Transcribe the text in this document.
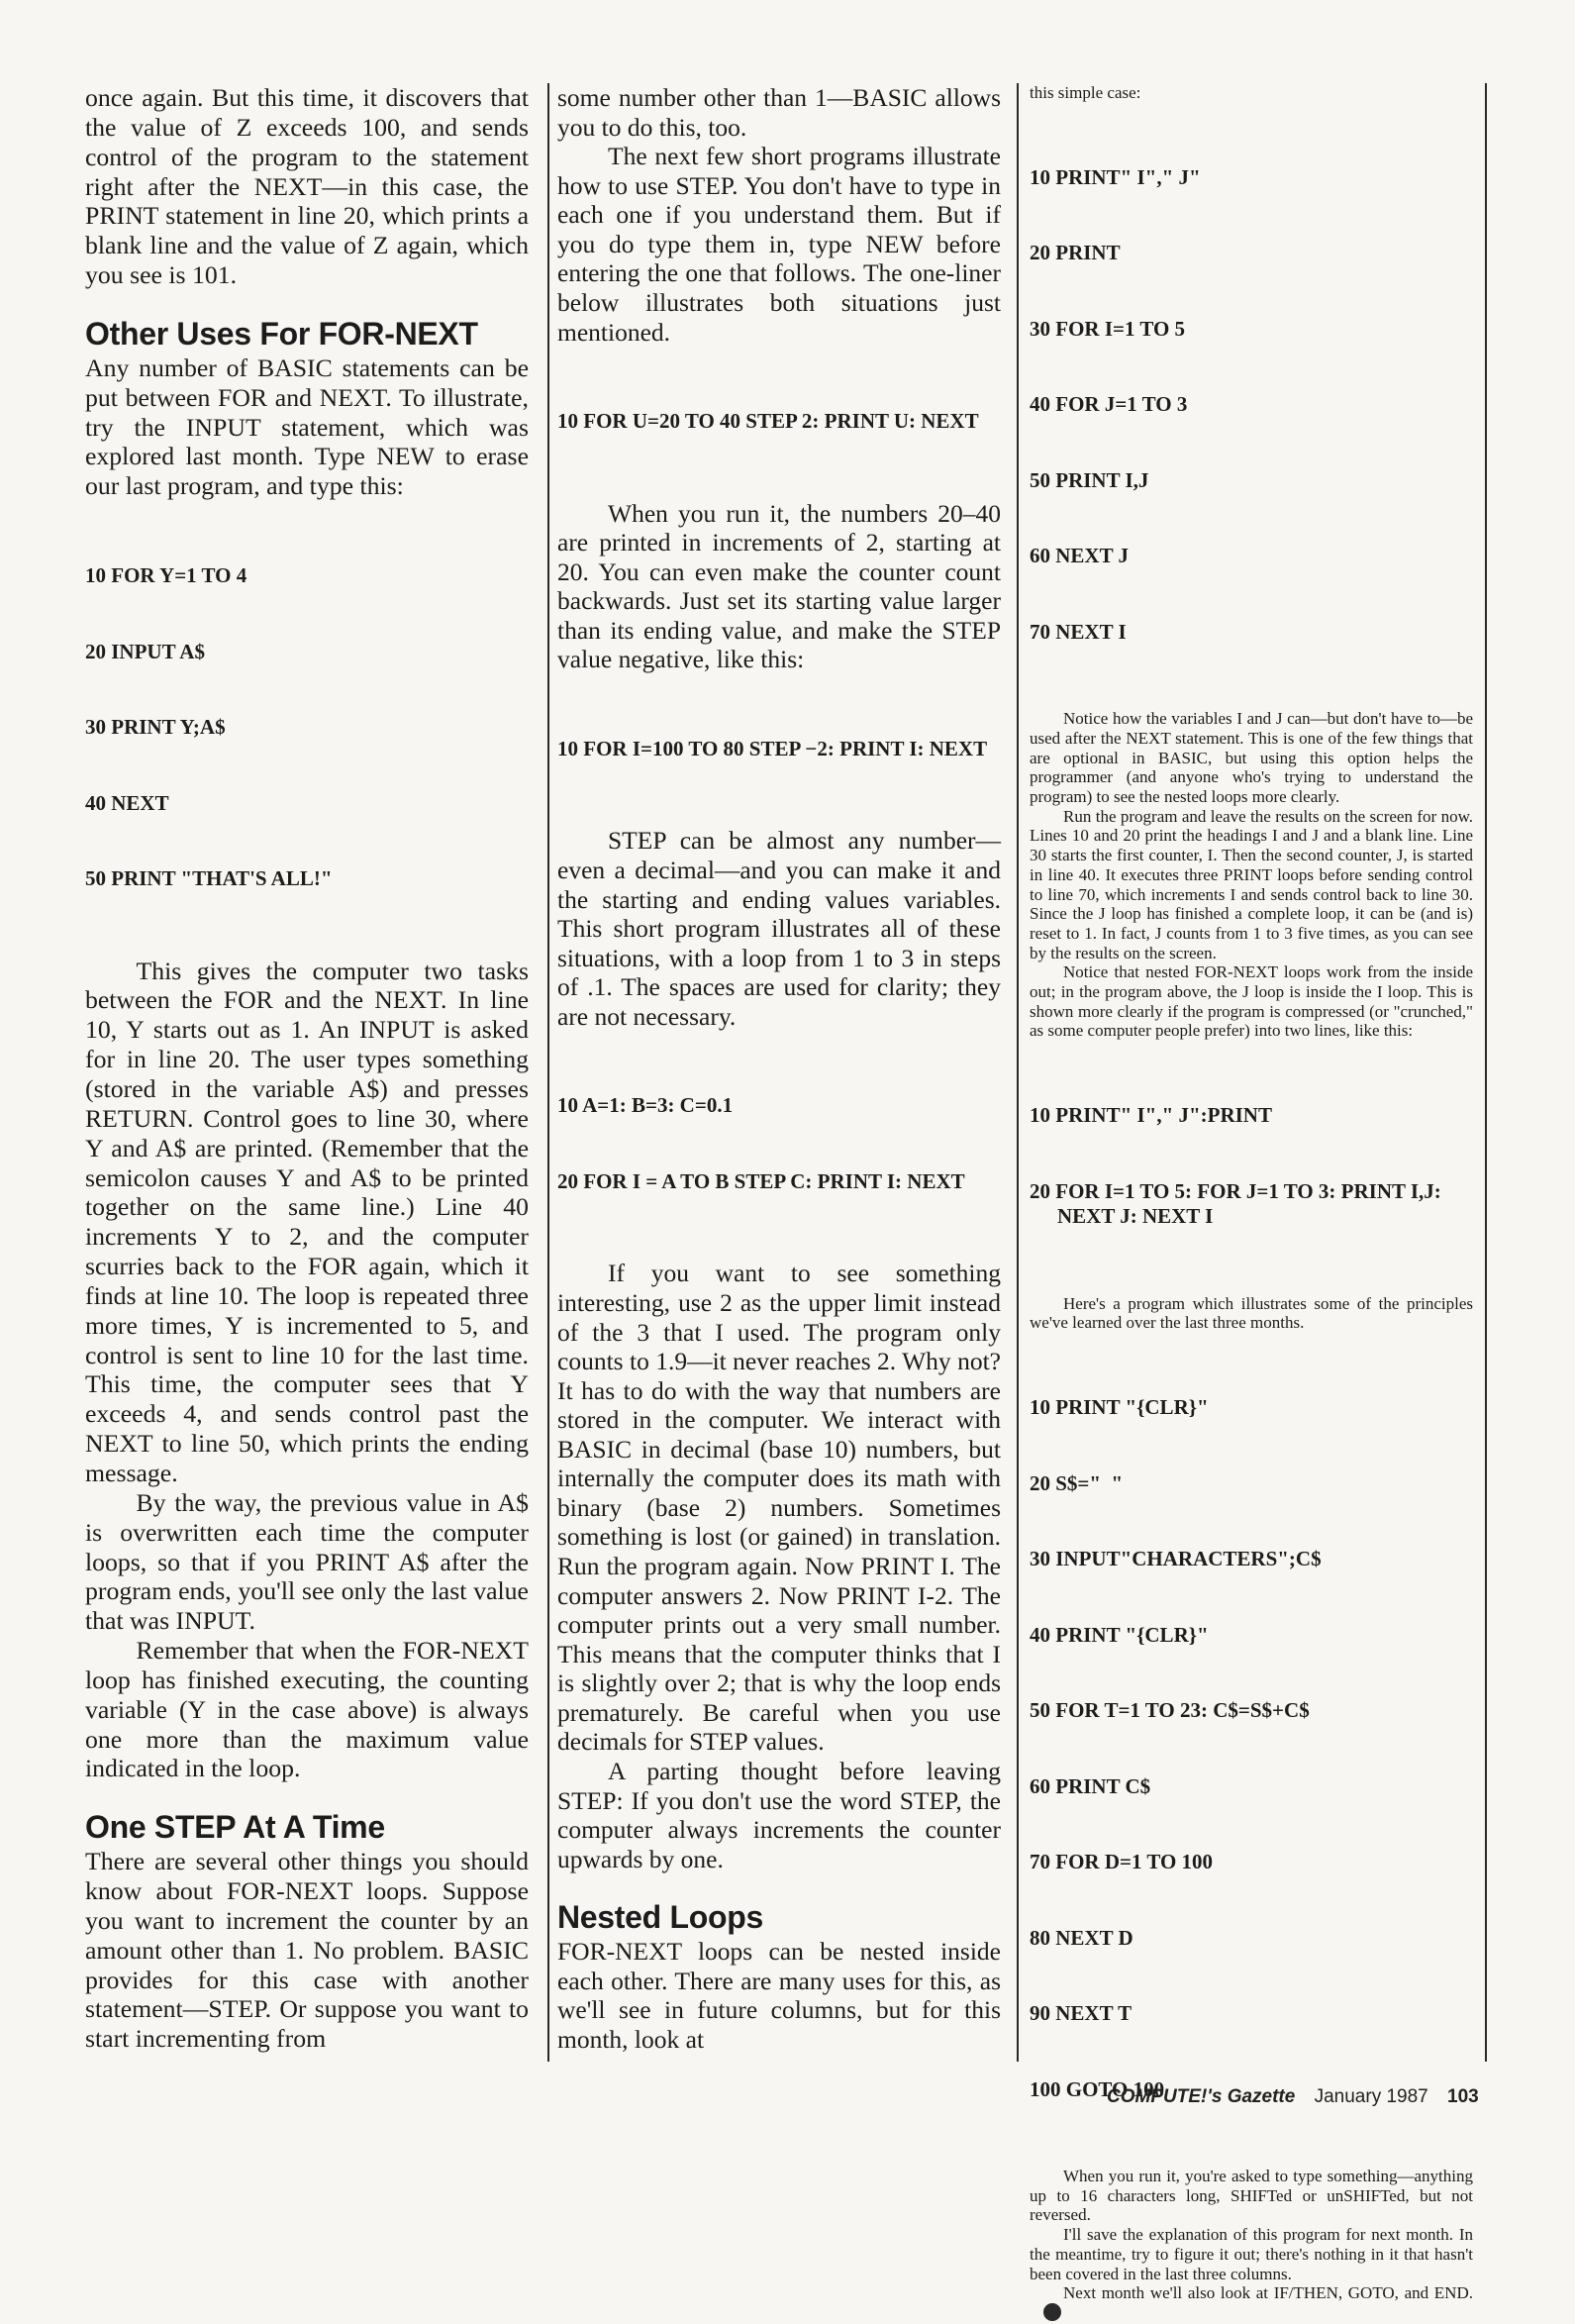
once again. But this time, it discovers that the value of Z exceeds 100, and sends control of the program to the statement right after the NEXT—in this case, the PRINT statement in line 20, which prints a blank line and the value of Z again, which you see is 101.

Other Uses For FOR-NEXT

Any number of BASIC statements can be put between FOR and NEXT. To illustrate, try the INPUT statement, which was explored last month. Type NEW to erase our last program, and type this:

10 FOR Y=1 TO 4

20 INPUT A$

30 PRINT Y;A$

40 NEXT

50 PRINT "THAT'S ALL!"

This gives the computer two tasks between the FOR and the NEXT. In line 10, Y starts out as 1. An INPUT is asked for in line 20. The user types something (stored in the variable A$) and presses RETURN. Control goes to line 30, where Y and A$ are printed. (Remember that the semicolon causes Y and A$ to be printed together on the same line.) Line 40 increments Y to 2, and the computer scurries back to the FOR again, which it finds at line 10. The loop is repeated three more times, Y is incremented to 5, and control is sent to line 10 for the last time. This time, the computer sees that Y exceeds 4, and sends control past the NEXT to line 50, which prints the ending message.

By the way, the previous value in A$ is overwritten each time the computer loops, so that if you PRINT A$ after the program ends, you'll see only the last value that was INPUT.

Remember that when the FOR-NEXT loop has finished executing, the counting variable (Y in the case above) is always one more than the maximum value indicated in the loop.

One STEP At A Time

There are several other things you should know about FOR-NEXT loops. Suppose you want to increment the counter by an amount other than 1. No problem. BASIC provides for this case with another statement—STEP. Or suppose you want to start incrementing from

some number other than 1—BASIC allows you to do this, too.

The next few short programs illustrate how to use STEP. You don't have to type in each one if you understand them. But if you do type them in, type NEW before entering the one that follows. The one-liner below illustrates both situations just mentioned.

10 FOR U=20 TO 40 STEP 2: PRINT U: NEXT

When you run it, the numbers 20–40 are printed in increments of 2, starting at 20. You can even make the counter count backwards. Just set its starting value larger than its ending value, and make the STEP value negative, like this:

10 FOR I=100 TO 80 STEP −2: PRINT I: NEXT

STEP can be almost any number—even a decimal—and you can make it and the starting and ending values variables. This short program illustrates all of these situations, with a loop from 1 to 3 in steps of .1. The spaces are used for clarity; they are not necessary.

10 A=1: B=3: C=0.1

20 FOR I = A TO B STEP C: PRINT I: NEXT

If you want to see something interesting, use 2 as the upper limit instead of the 3 that I used. The program only counts to 1.9—it never reaches 2. Why not? It has to do with the way that numbers are stored in the computer. We interact with BASIC in decimal (base 10) numbers, but internally the computer does its math with binary (base 2) numbers. Sometimes something is lost (or gained) in translation. Run the program again. Now PRINT I. The computer answers 2. Now PRINT I-2. The computer prints out a very small number. This means that the computer thinks that I is slightly over 2; that is why the loop ends prematurely. Be careful when you use decimals for STEP values.

A parting thought before leaving STEP: If you don't use the word STEP, the computer always increments the counter upwards by one.

Nested Loops

FOR-NEXT loops can be nested inside each other. There are many uses for this, as we'll see in future columns, but for this month, look at

this simple case:

10 PRINT" I"," J"

20 PRINT

30 FOR I=1 TO 5

40 FOR J=1 TO 3

50 PRINT I,J

60 NEXT J

70 NEXT I

Notice how the variables I and J can—but don't have to—be used after the NEXT statement. This is one of the few things that are optional in BASIC, but using this option helps the programmer (and anyone who's trying to understand the program) to see the nested loops more clearly.

Run the program and leave the results on the screen for now. Lines 10 and 20 print the headings I and J and a blank line. Line 30 starts the first counter, I. Then the second counter, J, is started in line 40. It executes three PRINT loops before sending control to line 70, which increments I and sends control back to line 30. Since the J loop has finished a complete loop, it can be (and is) reset to 1. In fact, J counts from 1 to 3 five times, as you can see by the results on the screen.

Notice that nested FOR-NEXT loops work from the inside out; in the program above, the J loop is inside the I loop. This is shown more clearly if the program is compressed (or "crunched," as some computer people prefer) into two lines, like this:

10 PRINT" I"," J":PRINT

20 FOR I=1 TO 5: FOR J=1 TO 3: PRINT I,J: NEXT J: NEXT I

Here's a program which illustrates some of the principles we've learned over the last three months.

10 PRINT "{CLR}"

20 S$="  "

30 INPUT"CHARACTERS";C$

40 PRINT "{CLR}"

50 FOR T=1 TO 23: C$=S$+C$

60 PRINT C$

70 FOR D=1 TO 100

80 NEXT D

90 NEXT T

100 GOTO 100

When you run it, you're asked to type something—anything up to 16 characters long, SHIFTed or unSHIFTed, but not reversed.

I'll save the explanation of this program for next month. In the meantime, try to figure it out; there's nothing in it that hasn't been covered in the last three columns.

Next month we'll also look at IF/THEN, GOTO, and END.

COMPUTE!'s Gazette January 1987 103
